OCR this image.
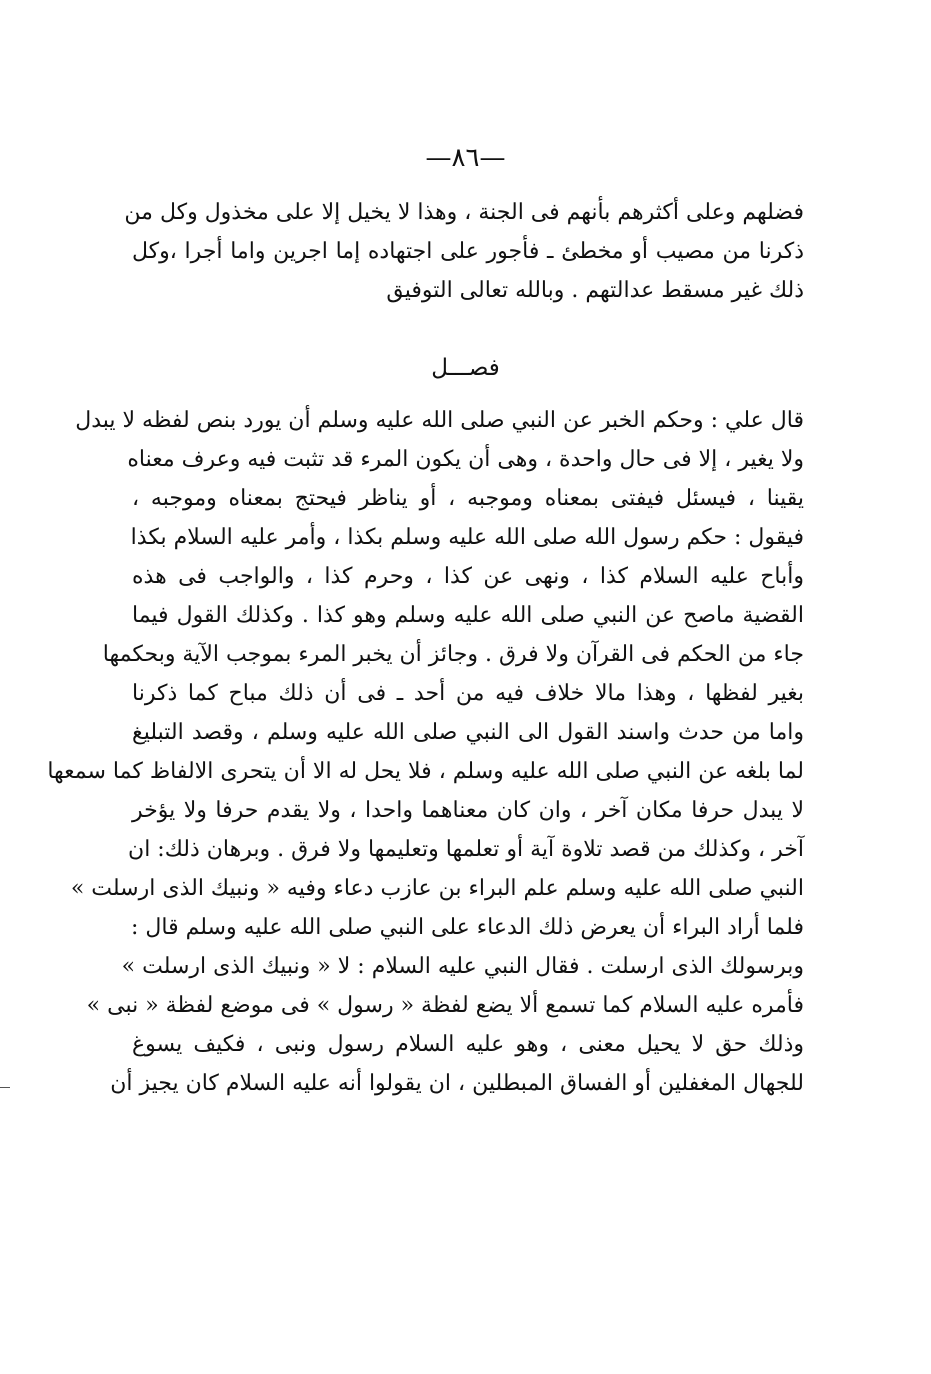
—٨٦—
فضلهم وعلى أكثرهم بأنهم فى الجنة ، وهذا لا يخيل إلا على مخذول وكل من
ذكرنا من مصيب أو مخطئ ـ فأجور على اجتهاده إما اجرين واما أجرا ،وكل
ذلك غير مسقط عدالتهم . وبالله تعالى التوفيق
فصـــل
قال علي : وحكم الخبر عن النبي صلى الله عليه وسلم أن يورد بنص لفظه لا يبدل
ولا يغير ، إلا فى حال واحدة ، وهى أن يكون المرء قد تثبت فيه وعرف معناه
يقينا ، فيسئل فيفتى بمعناه وموجبه ، أو يناظر فيحتج بمعناه وموجبه ،
فيقول : حكم رسول الله صلى الله عليه وسلم بكذا ، وأمر عليه السلام بكذا
وأباح عليه السلام كذا ، ونهى عن كذا ، وحرم كذا ، والواجب فى هذه
القضية ماصح عن النبي صلى الله عليه وسلم وهو كذا . وكذلك القول فيما
جاء من الحكم فى القرآن ولا فرق . وجائز أن يخبر المرء بموجب الآية وبحكمها
بغير لفظها ، وهذا مالا خلاف فيه من أحد ـ فى أن ذلك مباح كما ذكرنا
واما من حدث واسند القول الى النبي صلى الله عليه وسلم ، وقصد التبليغ
لما بلغه عن النبي صلى الله عليه وسلم ، فلا يحل له الا أن يتحرى الالفاظ كما سمعها
لا يبدل حرفا مكان آخر ، وان كان معناهما واحدا ، ولا يقدم حرفا ولا يؤخر
آخر ، وكذلك من قصد تلاوة آية أو تعلمها وتعليمها ولا فرق . وبرهان ذلك: ان
النبي صلى الله عليه وسلم علم البراء بن عازب دعاء وفيه « ونبيك الذى ارسلت »
فلما أراد البراء أن يعرض ذلك الدعاء على النبي صلى الله عليه وسلم قال :
وبرسولك الذى ارسلت . فقال النبي عليه السلام : لا « ونبيك الذى ارسلت »
فأمره عليه السلام كما تسمع ألا يضع لفظة « رسول » فى موضع لفظة « نبى »
وذلك حق لا يحيل معنى ، وهو عليه السلام رسول ونبى ، فكيف يسوغ
للجهال المغفلين أو الفساق المبطلين ، ان يقولوا أنه عليه السلام كان يجيز أن
